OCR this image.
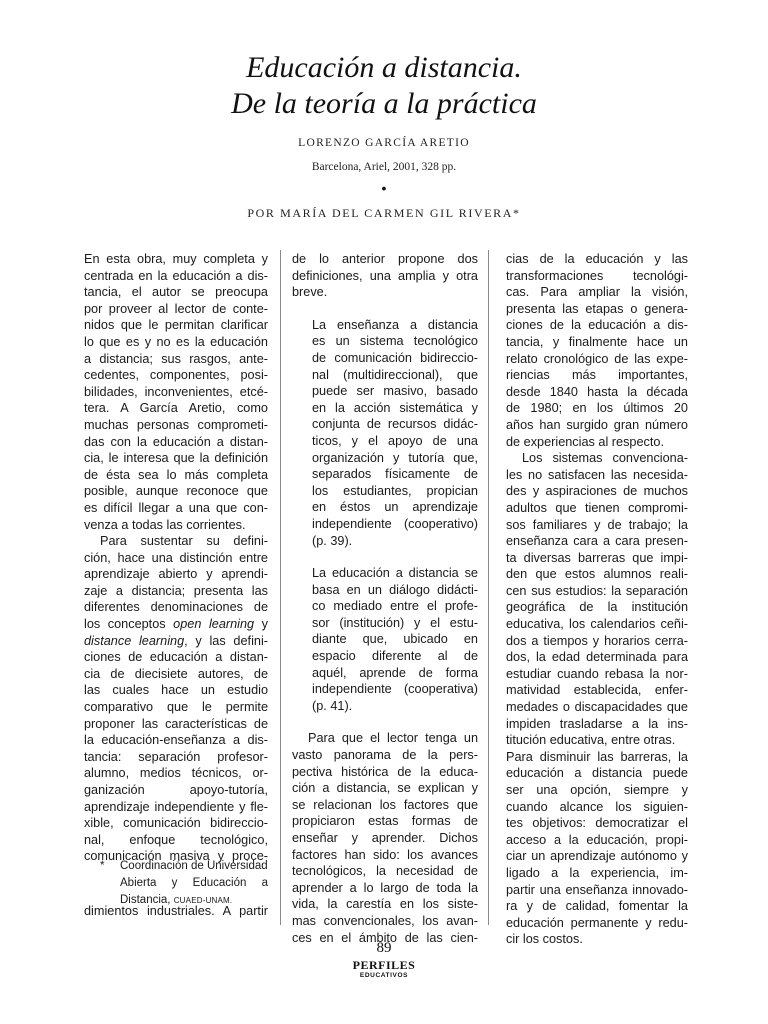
Educación a distancia.
De la teoría a la práctica
LORENZO GARCÍA ARETIO
Barcelona, Ariel, 2001, 328 pp.
•
POR MARÍA DEL CARMEN GIL RIVERA*
En esta obra, muy completa y
centrada en la educación a dis-
tancia, el autor se preocupa
por proveer al lector de conte-
nidos que le permitan clarificar
lo que es y no es la educación
a distancia; sus rasgos, ante-
cedentes, componentes, posi-
bilidades, inconvenientes, etcé-
tera. A García Aretio, como
muchas personas comprometi-
das con la educación a distan-
cia, le interesa que la definición
de ésta sea lo más completa
posible, aunque reconoce que
es difícil llegar a una que con-
venza a todas las corrientes.
Para sustentar su defini-
ción, hace una distinción entre
aprendizaje abierto y aprendi-
zaje a distancia; presenta las
diferentes denominaciones de
los conceptos open learning y
distance learning, y las defini-
ciones de educación a distan-
cia de diecisiete autores, de
las cuales hace un estudio
comparativo que le permite
proponer las características de
la educación-enseñanza a dis-
tancia: separación profesor-
alumno, medios técnicos, or-
ganización apoyo-tutoría,
aprendizaje independiente y fle-
xible, comunicación bidireccio-
nal, enfoque tecnológico,
comunicación masiva y proce-
de lo anterior propone dos
definiciones, una amplia y otra
breve.
La enseñanza a distancia
es un sistema tecnológico
de comunicación bidireccio-
nal (multidireccional), que
puede ser masivo, basado
en la acción sistemática y
conjunta de recursos didác-
ticos, y el apoyo de una
organización y tutoría que,
separados físicamente de
los estudiantes, propician
en éstos un aprendizaje
independiente (cooperativo)
(p. 39).
La educación a distancia se
basa en un diálogo didácti-
co mediado entre el profe-
sor (institución) y el estu-
diante que, ubicado en
espacio diferente al de
aquél, aprende de forma
independiente (cooperativa)
(p. 41).
Para que el lector tenga un
vasto panorama de la pers-
pectiva histórica de la educa-
ción a distancia, se explican y
se relacionan los factores que
propiciaron estas formas de
enseñar y aprender. Dichos
factores han sido: los avances
tecnológicos, la necesidad de
aprender a lo largo de toda la
vida, la carestía en los siste-
mas convencionales, los avan-
ces en el ámbito de las cien-
cias de la educación y las
transformaciones tecnológi-
cas. Para ampliar la visión,
presenta las etapas o genera-
ciones de la educación a dis-
tancia, y finalmente hace un
relato cronológico de las expe-
riencias más importantes,
desde 1840 hasta la década
de 1980; en los últimos 20
años han surgido gran número
de experiencias al respecto.
Los sistemas convenciona-
les no satisfacen las necesida-
des y aspiraciones de muchos
adultos que tienen compromi-
sos familiares y de trabajo; la
enseñanza cara a cara presen-
ta diversas barreras que impi-
den que estos alumnos reali-
cen sus estudios: la separación
geográfica de la institución
educativa, los calendarios ceñi-
dos a tiempos y horarios cerra-
dos, la edad determinada para
estudiar cuando rebasa la nor-
matividad establecida, enfer-
medades o discapacidades que
impiden trasladarse a la ins-
titución educativa, entre otras.
Para disminuir las barreras, la
educación a distancia puede
ser una opción, siempre y
cuando alcance los siguien-
tes objetivos: democratizar el
acceso a la educación, propi-
ciar un aprendizaje autónomo y
ligado a la experiencia, im-
partir una enseñanza innovado-
ra y de calidad, fomentar la
educación permanente y redu-
cir los costos.
*	Coordinación de Universidad
Abierta y Educación a
Distancia, CUAED-UNAM.
dimientos industriales. A partir
89
PERFILES
EDUCATIVOS
